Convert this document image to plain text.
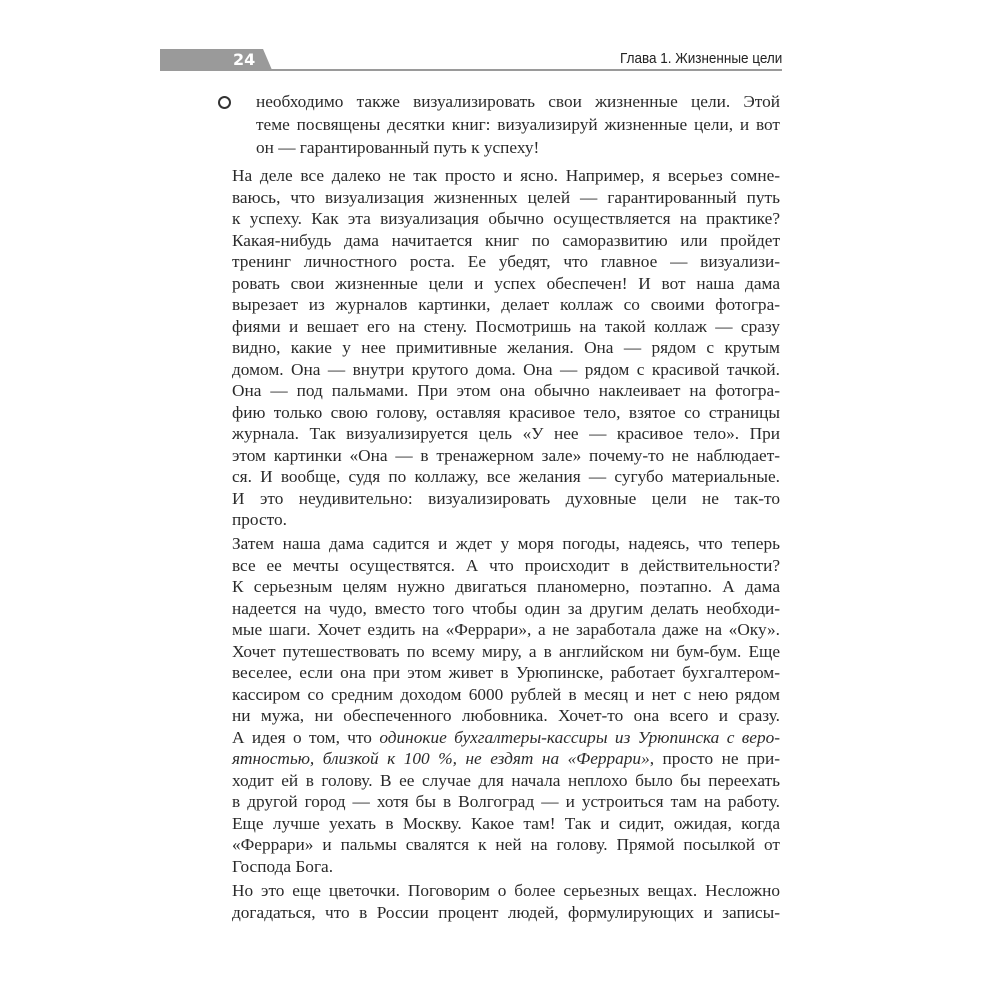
24	Глава 1. Жизненные цели
необходимо также визуализировать свои жизненные цели. Этой
теме посвящены десятки книг: визуализируй жизненные цели, и вот
он — гарантированный путь к успеху!
На деле все далеко не так просто и ясно. Например, я всерьез сомне-
ваюсь, что визуализация жизненных целей — гарантированный путь
к успеху. Как эта визуализация обычно осуществляется на практике?
Какая-нибудь дама начитается книг по саморазвитию или пройдет
тренинг личностного роста. Ее убедят, что главное — визуализи-
ровать свои жизненные цели и успех обеспечен! И вот наша дама
вырезает из журналов картинки, делает коллаж со своими фотогра-
фиями и вешает его на стену. Посмотришь на такой коллаж — сразу
видно, какие у нее примитивные желания. Она — рядом с крутым
домом. Она — внутри крутого дома. Она — рядом с красивой тачкой.
Она — под пальмами. При этом она обычно наклеивает на фотогра-
фию только свою голову, оставляя красивое тело, взятое со страницы
журнала. Так визуализируется цель «У нее — красивое тело». При
этом картинки «Она — в тренажерном зале» почему-то не наблюдает-
ся. И вообще, судя по коллажу, все желания — сугубо материальные.
И это неудивительно: визуализировать духовные цели не так-то
просто.
Затем наша дама садится и ждет у моря погоды, надеясь, что теперь
все ее мечты осуществятся. А что происходит в действительности?
К серьезным целям нужно двигаться планомерно, поэтапно. А дама
надеется на чудо, вместо того чтобы один за другим делать необходи-
мые шаги. Хочет ездить на «Феррари», а не заработала даже на «Оку».
Хочет путешествовать по всему миру, а в английском ни бум-бум. Еще
веселее, если она при этом живет в Урюпинске, работает бухгалтером-
кассиром со средним доходом 6000 рублей в месяц и нет с нею рядом
ни мужа, ни обеспеченного любовника. Хочет-то она всего и сразу.
А идея о том, что одинокие бухгалтеры-кассиры из Урюпинска с веро-
ятностью, близкой к 100 %, не ездят на «Феррари», просто не при-
ходит ей в голову. В ее случае для начала неплохо было бы переехать
в другой город — хотя бы в Волгоград — и устроиться там на работу.
Еще лучше уехать в Москву. Какое там! Так и сидит, ожидая, когда
«Феррари» и пальмы свалятся к ней на голову. Прямой посылкой от
Господа Бога.
Но это еще цветочки. Поговорим о более серьезных вещах. Несложно
догадаться, что в России процент людей, формулирующих и записы-
